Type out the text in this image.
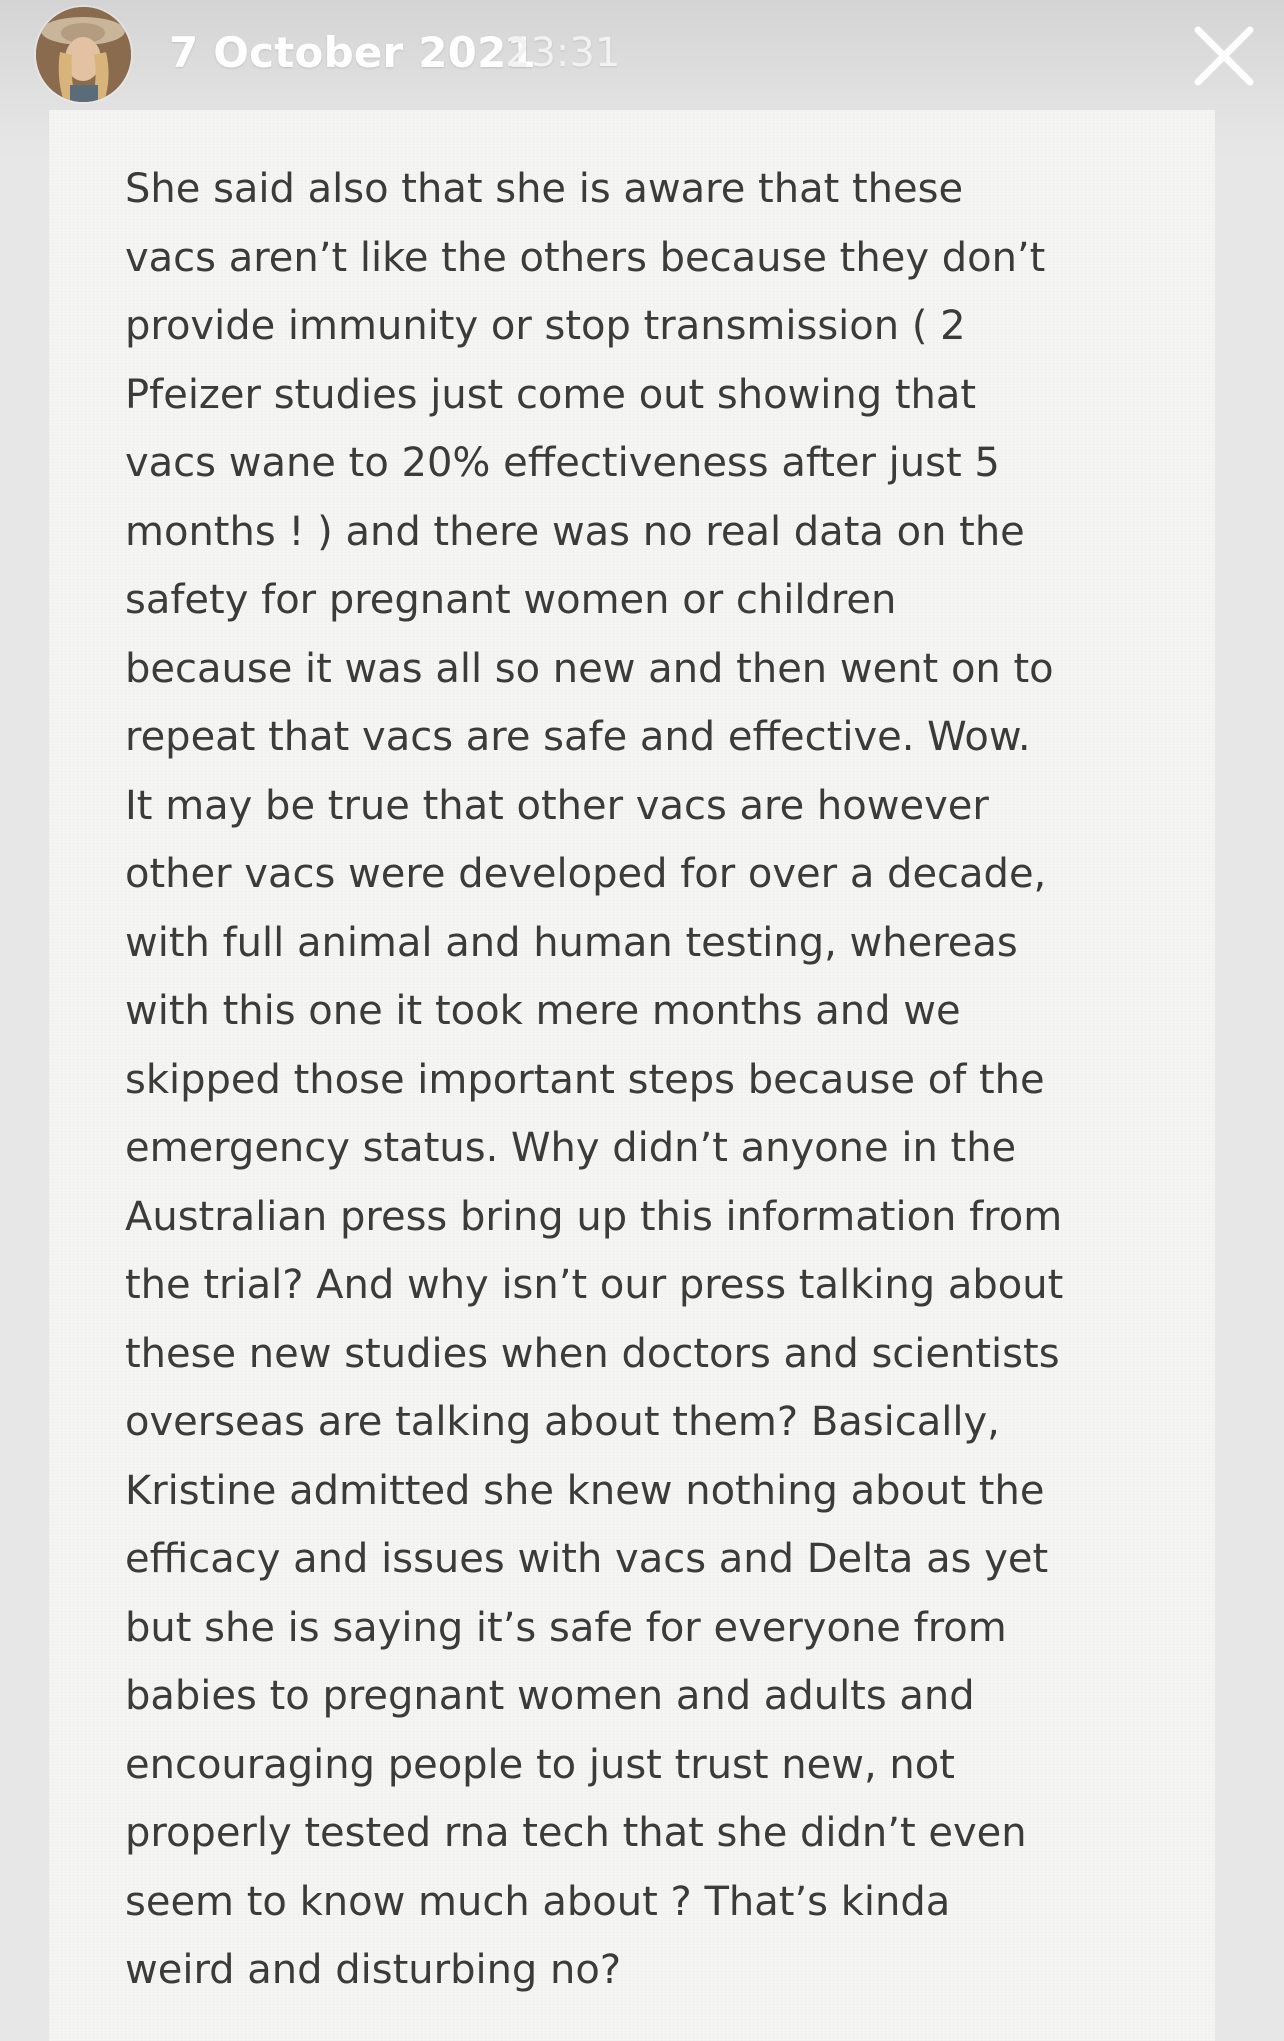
She said also that she is aware that these
vacs aren’t like the others because they don’t
provide immunity or stop transmission ( 2
Pfeizer studies just come out showing that
vacs wane to 20% effectiveness after just 5
months ! ) and there was no real data on the
safety for pregnant women or children
because it was all so new and then went on to
repeat that vacs are safe and effective. Wow.
It may be true that other vacs are however
other vacs were developed for over a decade,
with full animal and human testing, whereas
with this one it took mere months and we
skipped those important steps because of the
emergency status. Why didn’t anyone in the
Australian press bring up this information from
the trial? And why isn’t our press talking about
these new studies when doctors and scientists
overseas are talking about them? Basically,
Kristine admitted she knew nothing about the
efficacy and issues with vacs and Delta as yet
but she is saying it’s safe for everyone from
babies to pregnant women and adults and
encouraging people to just trust new, not
properly tested rna tech that she didn’t even
seem to know much about ? That’s kinda
weird and disturbing no?
7 October 2021
23:31
